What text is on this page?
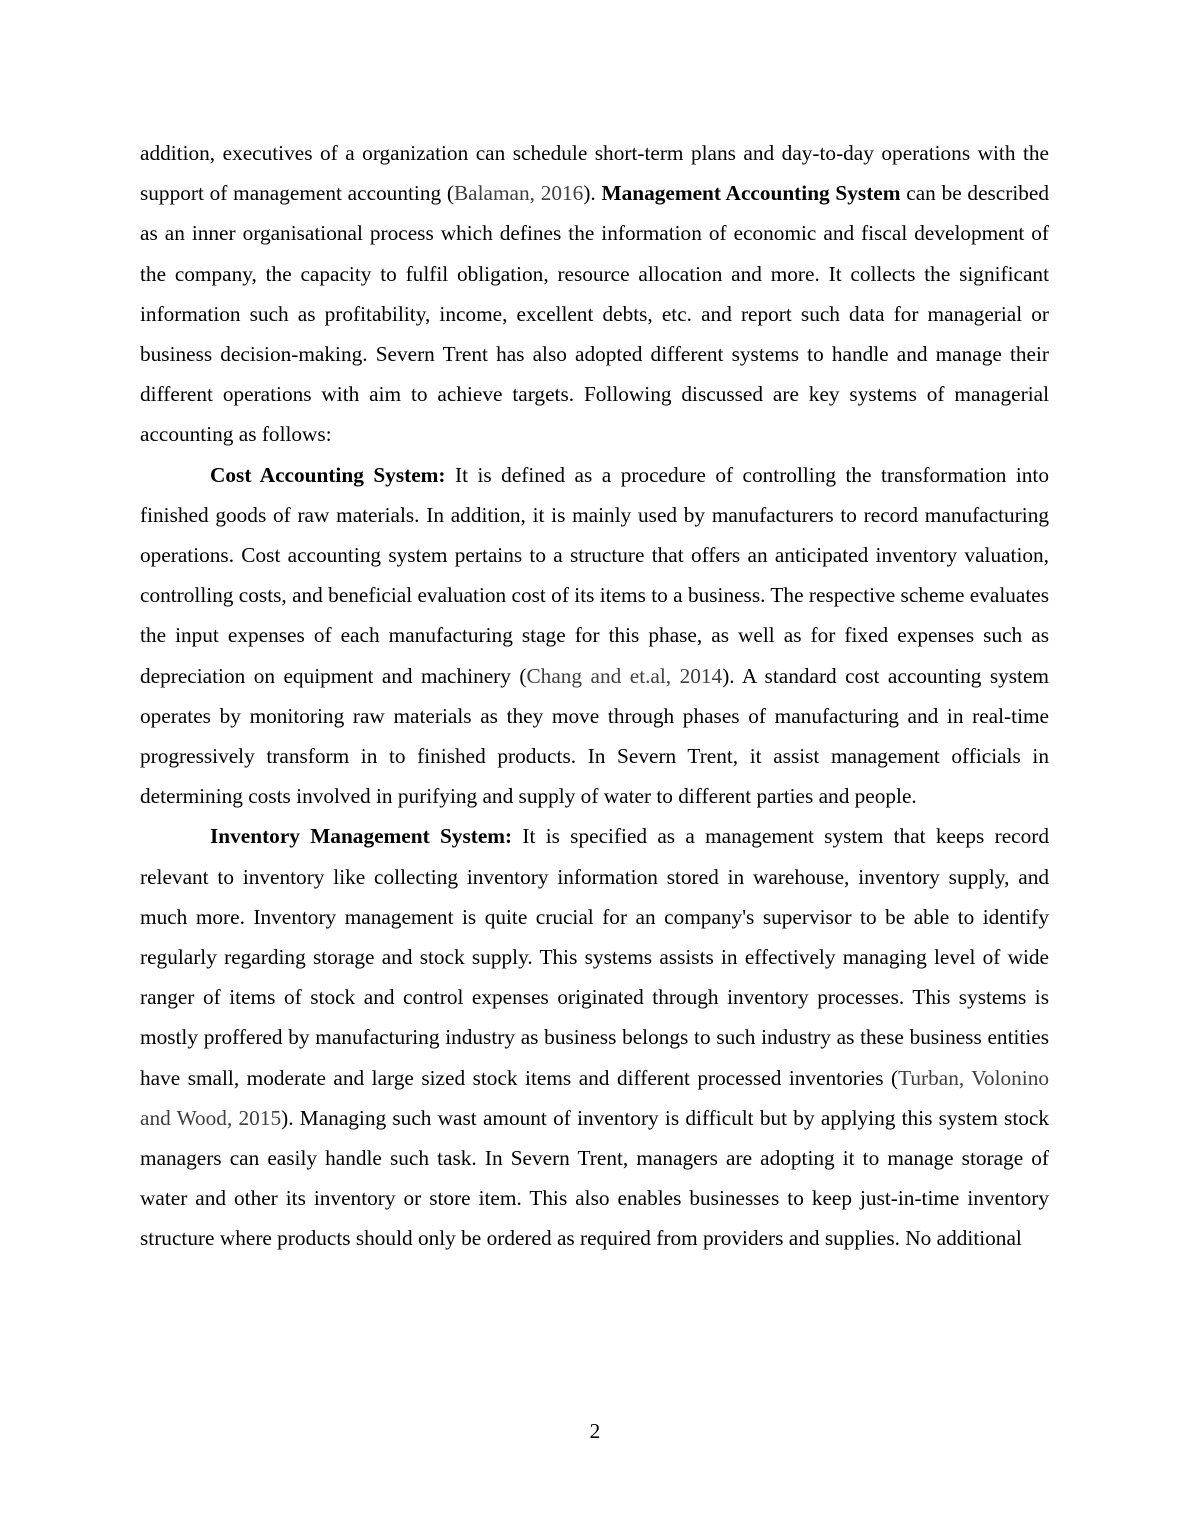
addition, executives of a organization can schedule short-term plans and day-to-day operations with the support of management accounting (Balaman, 2016). Management Accounting System can be described as an inner organisational process which defines the information of economic and fiscal development of the company, the capacity to fulfil obligation, resource allocation and more. It collects the significant information such as profitability, income, excellent debts, etc. and report such data for managerial or business decision-making. Severn Trent has also adopted different systems to handle and manage their different operations with aim to achieve targets. Following discussed are key systems of managerial accounting as follows:

Cost Accounting System: It is defined as a procedure of controlling the transformation into finished goods of raw materials. In addition, it is mainly used by manufacturers to record manufacturing operations. Cost accounting system pertains to a structure that offers an anticipated inventory valuation, controlling costs, and beneficial evaluation cost of its items to a business. The respective scheme evaluates the input expenses of each manufacturing stage for this phase, as well as for fixed expenses such as depreciation on equipment and machinery (Chang and et.al, 2014). A standard cost accounting system operates by monitoring raw materials as they move through phases of manufacturing and in real-time progressively transform in to finished products. In Severn Trent, it assist management officials in determining costs involved in purifying and supply of water to different parties and people.

Inventory Management System: It is specified as a management system that keeps record relevant to inventory like collecting inventory information stored in warehouse, inventory supply, and much more. Inventory management is quite crucial for an company's supervisor to be able to identify regularly regarding storage and stock supply. This systems assists in effectively managing level of wide ranger of items of stock and control expenses originated through inventory processes. This systems is mostly proffered by manufacturing industry as business belongs to such industry as these business entities have small, moderate and large sized stock items and different processed inventories (Turban, Volonino and Wood, 2015). Managing such wast amount of inventory is difficult but by applying this system stock managers can easily handle such task. In Severn Trent, managers are adopting it to manage storage of water and other its inventory or store item. This also enables businesses to keep just-in-time inventory structure where products should only be ordered as required from providers and supplies. No additional

2
